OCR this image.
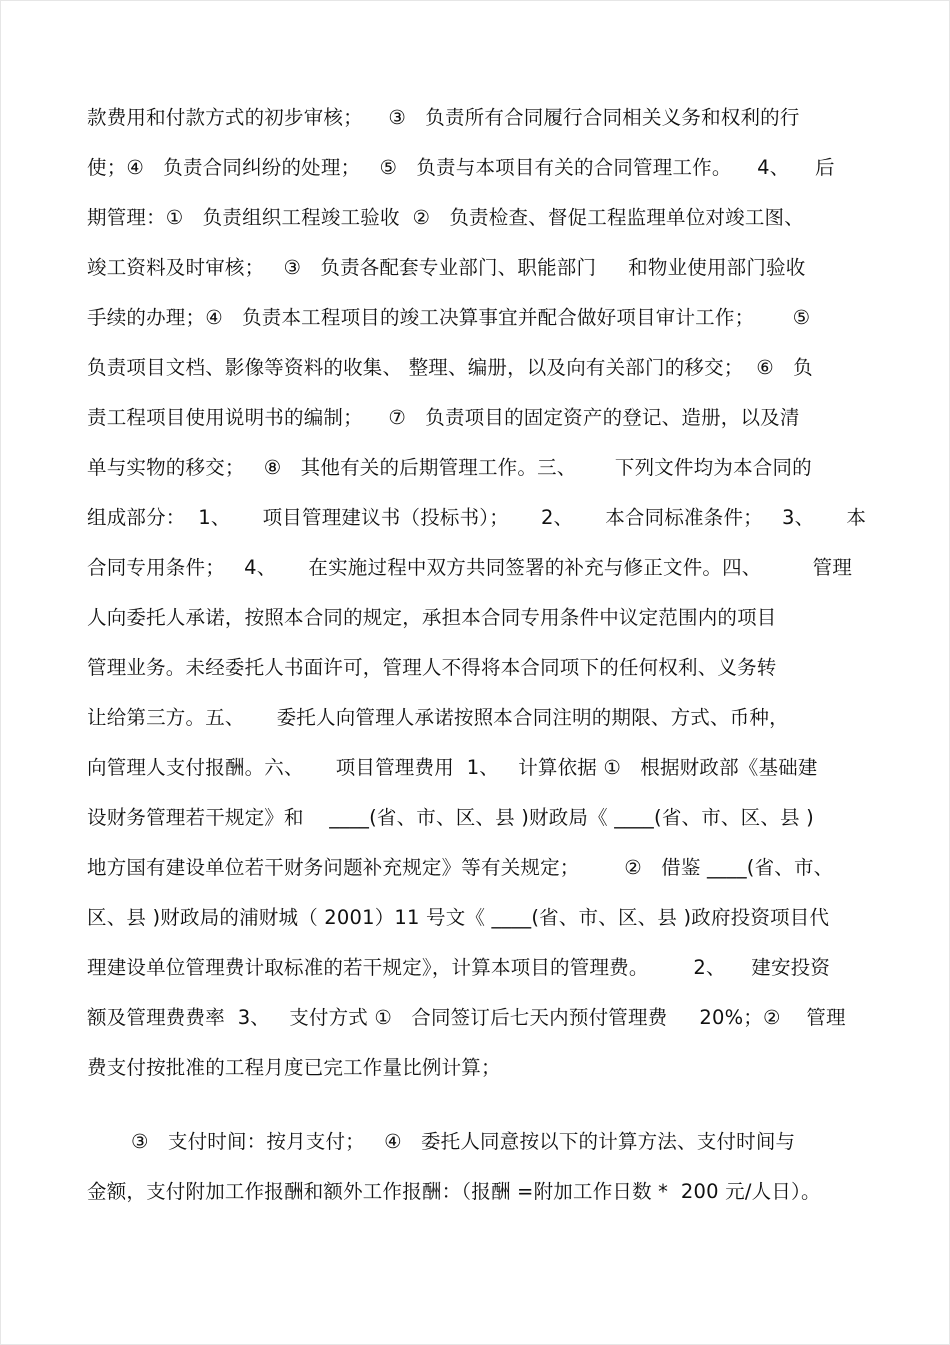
款费用和付款方式的初步审核；    ③   负责所有合同履行合同相关义务和权利的行
使；④   负责合同纠纷的处理；   ⑤   负责与本项目有关的合同管理工作。    4、    后
期管理：①   负责组织工程竣工验收  ②   负责检查、督促工程监理单位对竣工图、
竣工资料及时审核；   ③   负责各配套专业部门、职能部门     和物业使用部门验收
手续的办理；④   负责本工程项目的竣工决算事宜并配合做好项目审计工作；      ⑤
负责项目文档、影像等资料的收集、 整理、编册，以及向有关部门的移交；  ⑥   负
责工程项目使用说明书的编制；    ⑦   负责项目的固定资产的登记、造册，以及清
单与实物的移交；   ⑧   其他有关的后期管理工作。三、      下列文件均为本合同的
组成部分：  1、     项目管理建议书（投标书）；     2、     本合同标准条件；   3、     本
合同专用条件；   4、     在实施过程中双方共同签署的补充与修正文件。四、        管理
人向委托人承诺，按照本合同的规定，承担本合同专用条件中议定范围内的项目
管理业务。未经委托人书面许可，管理人不得将本合同项下的任何权利、义务转
让给第三方。五、     委托人向管理人承诺按照本合同注明的期限、方式、币种，
向管理人支付报酬。六、     项目管理费用  1、   计算依据 ①   根据财政部《基础建
设财务管理若干规定》和    ____(省、市、区、县 )财政局《 ____(省、市、区、县 )
地方国有建设单位若干财务问题补充规定》等有关规定；       ②   借鉴 ____(省、市、
区、县 )财政局的浦财城（ 2001）11 号文《 ____(省、市、区、县 )政府投资项目代
理建设单位管理费计取标准的若干规定》，计算本项目的管理费。       2、    建安投资
额及管理费费率  3、   支付方式 ①   合同签订后七天内预付管理费     20%；②    管理
费支付按批准的工程月度已完工作量比例计算；
③   支付时间：按月支付；   ④   委托人同意按以下的计算方法、支付时间与
金额，支付附加工作报酬和额外工作报酬：（报酬 =附加工作日数 *  200 元/人日）。
